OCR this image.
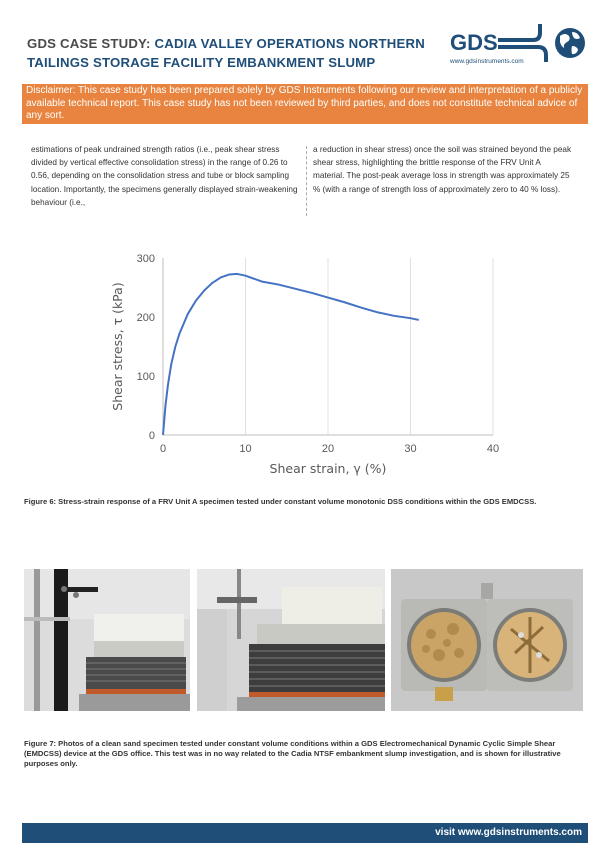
GDS CASE STUDY: CADIA VALLEY OPERATIONS NORTHERN TAILINGS STORAGE FACILITY EMBANKMENT SLUMP
GDS
www.gdsinstruments.com
Disclaimer: This case study has been prepared solely by GDS Instruments following our review and interpretation of a publicly available technical report. This case study has not been reviewed by third parties, and does not constitute technical advice of any sort.
estimations of peak undrained strength ratios (i.e., peak shear stress divided by vertical effective consolidation stress) in the range of 0.26 to 0.56, depending on the consolidation stress and tube or block sampling location. Importantly, the specimens generally displayed strain-weakening behaviour (i.e.,
a reduction in shear stress) once the soil was strained beyond the peak shear stress, highlighting the brittle response of the FRV Unit A material. The post-peak average loss in strength was approximately 25 % (with a range of strength loss of approximately zero to 40 % loss).
0	10	20	30	40
0
100
200
300
Shear strain, γ (%)
Shear stress, τ (kPa)
Figure 6: Stress-strain response of a FRV Unit A specimen tested under constant volume monotonic DSS conditions within the GDS EMDCSS.
Figure 7: Photos of a clean sand specimen tested under constant volume conditions within a GDS Electromechanical Dynamic Cyclic Simple Shear (EMDCSS) device at the GDS office. This test was in no way related to the Cadia NTSF embankment slump investigation, and is shown for illustrative purposes only.
visit www.gdsinstruments.com
